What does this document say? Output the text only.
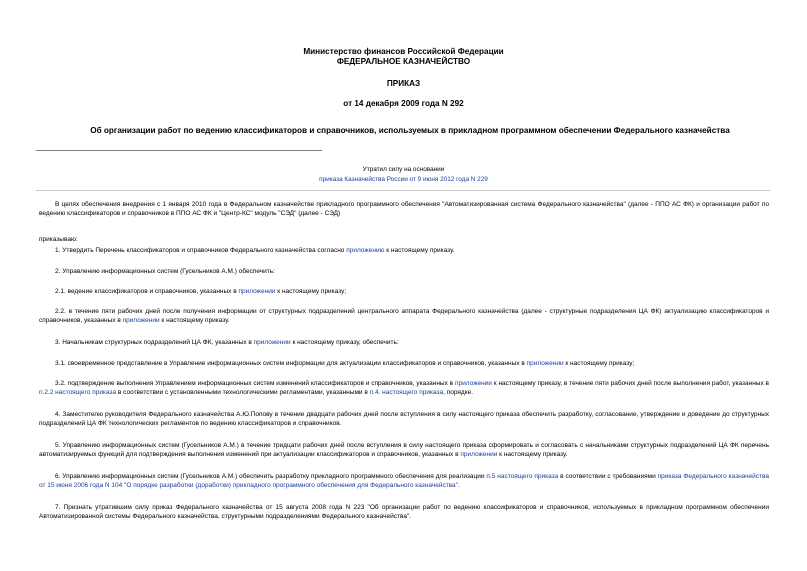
Министерство финансов Российской Федерации
ФЕДЕРАЛЬНОЕ КАЗНАЧЕЙСТВО
ПРИКАЗ
от 14 декабря 2009 года N 292
Об организации работ по ведению классификаторов и справочников, используемых в прикладном программном обеспечении Федерального казначейства
Утратил силу на основании
приказа Казначейства России от 9 июня 2012 года N 229
В целях обеспечения внедрения с 1 января 2010 года в Федеральном казначействе прикладного программного обеспечения "Автоматизированная система Федерального казначейства" (далее - ППО АС ФК) и организации работ по ведению классификаторов и справочников в ППО АС ФК и "Центр-КС" модуль "СЭД" (далее - СЭД)
приказываю:
1. Утвердить Перечень классификаторов и справочников Федерального казначейства согласно приложению к настоящему приказу.
2. Управлению информационных систем (Гусельников А.М.) обеспечить:
2.1. ведение классификаторов и справочников, указанных в приложении к настоящему приказу;
2.2. в течение пяти рабочих дней после получения информации от структурных подразделений центрального аппарата Федерального казначейства (далее - структурные подразделения ЦА ФК) актуализацию классификаторов и справочников, указанных в приложении к настоящему приказу.
3. Начальникам структурных подразделений ЦА ФК, указанных в приложении к настоящему приказу, обеспечить:
3.1. своевременное представление в Управление информационных систем информации для актуализации классификаторов и справочников, указанных в приложении к настоящему приказу;
3.2. подтверждение выполнения Управлением информационных систем изменений классификаторов и справочников, указанных в приложении к настоящему приказу, в течение пяти рабочих дней после выполнения работ, указанных в п.2.2 настоящего приказа в соответствии с установленными технологическими регламентами, указанными в п.4. настоящего приказа, порядке.
4. Заместителю руководителя Федерального казначейства А.Ю.Попову в течение двадцати рабочих дней после вступления в силу настоящего приказа обеспечить разработку, согласование, утверждение и доведение до структурных подразделений ЦА ФК технологических регламентов по ведению классификаторов и справочников.
5. Управлению информационных систем (Гусельников А.М.) в течение тридцати рабочих дней после вступления в силу настоящего приказа сформировать и согласовать с начальниками структурных подразделений ЦА ФК перечень автоматизируемых функций для подтверждения выполнения изменений при актуализации классификаторов и справочников, указанных в приложении к настоящему приказу.
6. Управлению информационных систем (Гусельников А.М.) обеспечить разработку прикладного программного обеспечения для реализации п.5 настоящего приказа в соответствии с требованиями приказа Федерального казначейства от 15 июня 2006 года N 104 "О порядке разработки (доработки) прикладного программного обеспечения для Федерального казначейства".
7. Признать утратившим силу приказ Федерального казначейства от 15 августа 2008 года N 223 "Об организации работ по ведению классификаторов и справочников, используемых в прикладном программном обеспечении Автоматизированной системы Федерального казначейства, структурными подразделениями Федерального казначейства".
